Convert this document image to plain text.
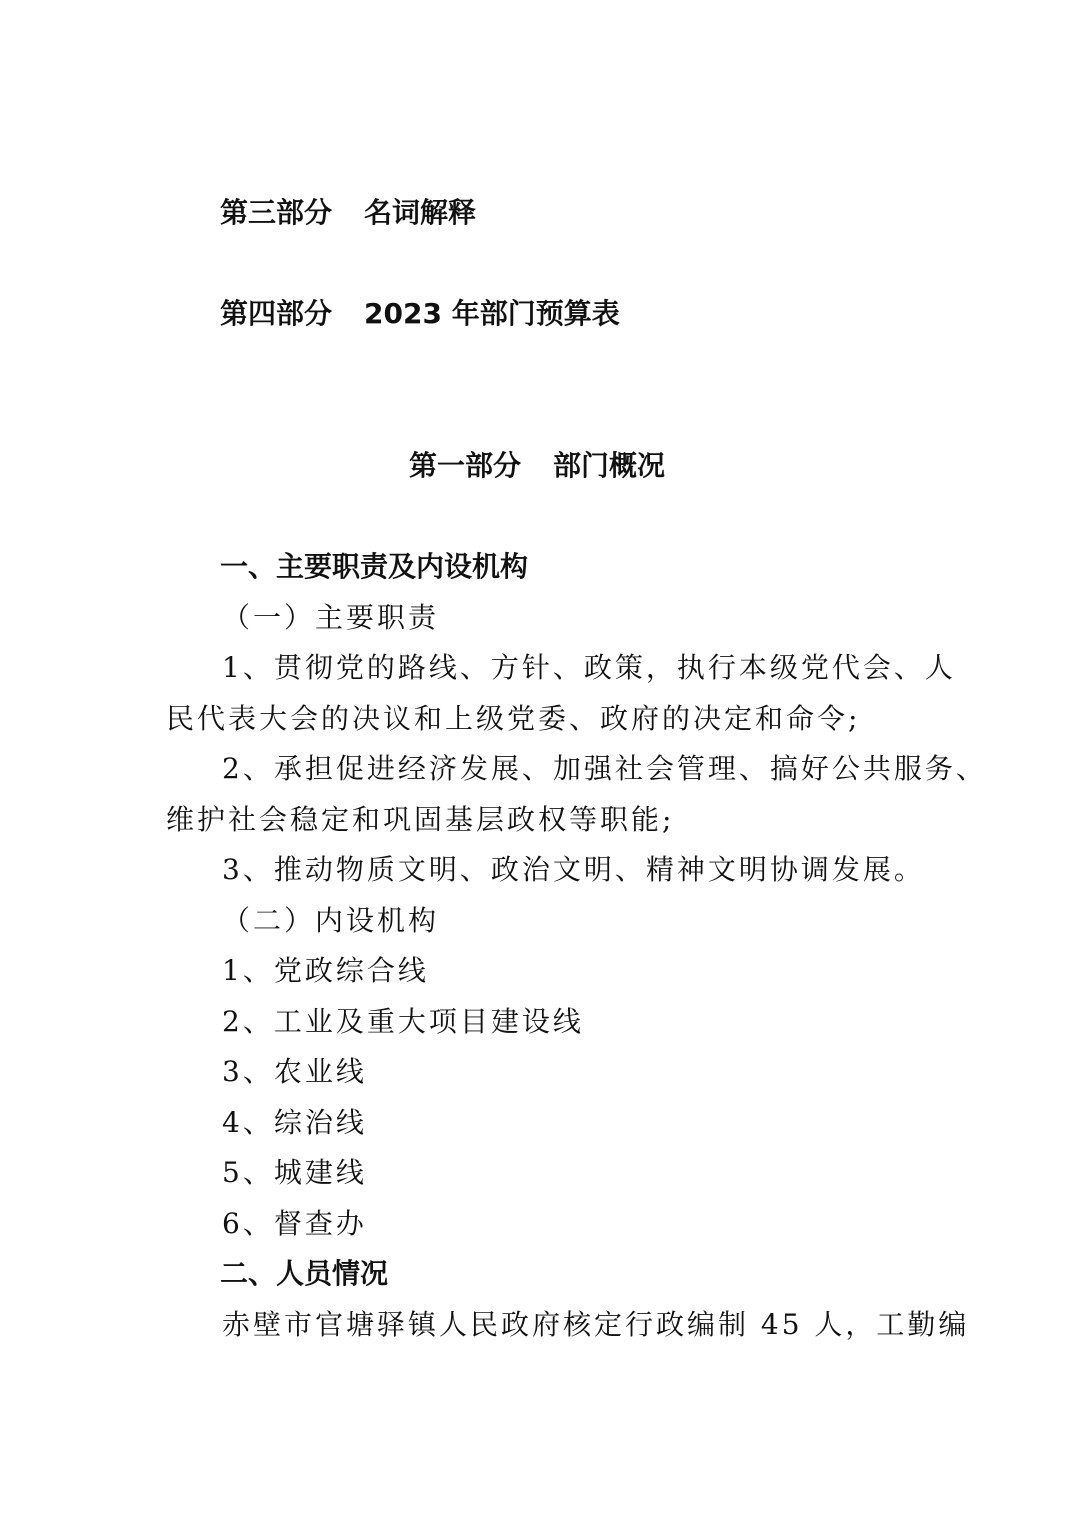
第三部分 名词解释
第四部分 2023 年部门预算表
第一部分 部门概况
一、主要职责及内设机构
（一）主要职责
1、贯彻党的路线、方针、政策，执行本级党代会、人
民代表大会的决议和上级党委、政府的决定和命令;
2、承担促进经济发展、加强社会管理、搞好公共服务、
维护社会稳定和巩固基层政权等职能;
3、推动物质文明、政治文明、精神文明协调发展。
（二）内设机构
1、党政综合线
2、工业及重大项目建设线
3、农业线
4、综治线
5、城建线
6、督查办
二、人员情况
赤壁市官塘驿镇人民政府核定行政编制 45 人，工勤编
